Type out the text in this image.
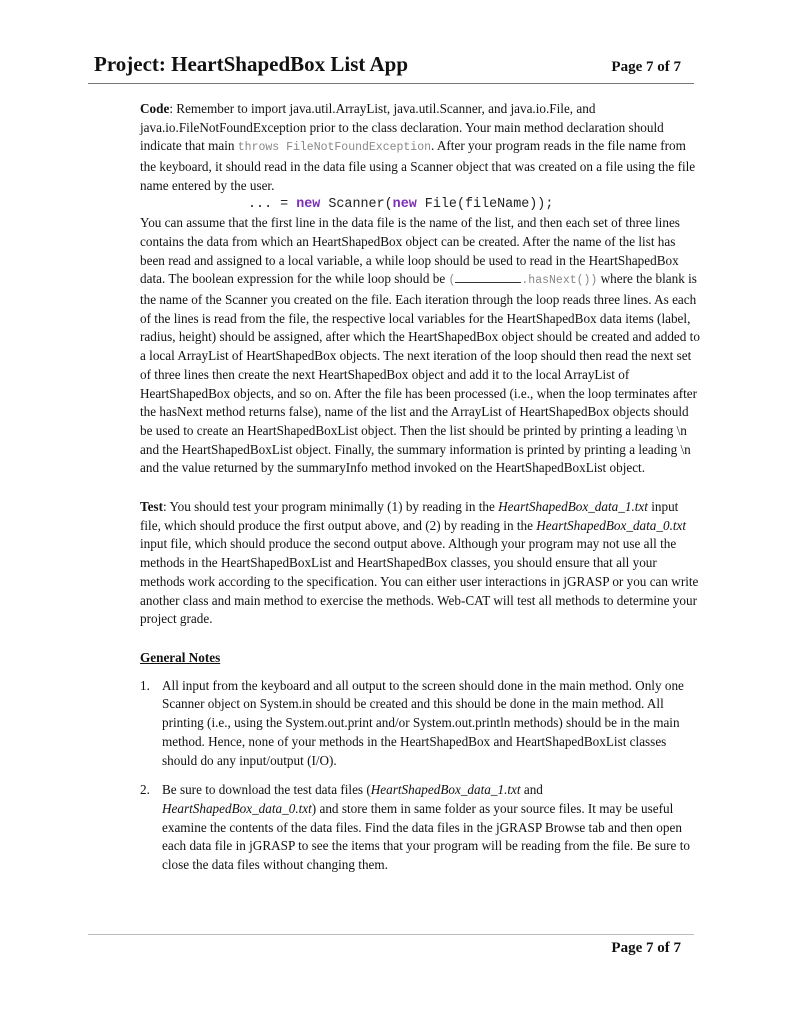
Project: HeartShapedBox List App	Page 7 of 7

Code: Remember to import java.util.ArrayList, java.util.Scanner, and java.io.File, and java.io.FileNotFoundException prior to the class declaration. Your main method declaration should indicate that main throws FileNotFoundException. After your program reads in the file name from the keyboard, it should read in the data file using a Scanner object that was created on a file using the file name entered by the user.
... = new Scanner(new File(fileName));
You can assume that the first line in the data file is the name of the list, and then each set of three lines contains the data from which an HeartShapedBox object can be created. After the name of the list has been read and assigned to a local variable, a while loop should be used to read in the HeartShapedBox data. The boolean expression for the while loop should be (	.hasNext()) where the blank is the name of the Scanner you created on the file. Each iteration through the loop reads three lines. As each of the lines is read from the file, the respective local variables for the HeartShapedBox data items (label, radius, height) should be assigned, after which the HeartShapedBox object should be created and added to a local ArrayList of HeartShapedBox objects. The next iteration of the loop should then read the next set of three lines then create the next HeartShapedBox object and add it to the local ArrayList of HeartShapedBox objects, and so on. After the file has been processed (i.e., when the loop terminates after the hasNext method returns false), name of the list and the ArrayList of HeartShapedBox objects should be used to create an HeartShapedBoxList object. Then the list should be printed by printing a leading \n and the HeartShapedBoxList object. Finally, the summary information is printed by printing a leading \n and the value returned by the summaryInfo method invoked on the HeartShapedBoxList object.

Test: You should test your program minimally (1) by reading in the HeartShapedBox_data_1.txt input file, which should produce the first output above, and (2) by reading in the HeartShapedBox_data_0.txt input file, which should produce the second output above. Although your program may not use all the methods in the HeartShapedBoxList and HeartShapedBox classes, you should ensure that all your methods work according to the specification. You can either user interactions in jGRASP or you can write another class and main method to exercise the methods. Web-CAT will test all methods to determine your project grade.

General Notes

1. All input from the keyboard and all output to the screen should done in the main method. Only one Scanner object on System.in should be created and this should be done in the main method. All printing (i.e., using the System.out.print and/or System.out.println methods) should be in the main method. Hence, none of your methods in the HeartShapedBox and HeartShapedBoxList classes should do any input/output (I/O).
2. Be sure to download the test data files (HeartShapedBox_data_1.txt and HeartShapedBox_data_0.txt) and store them in same folder as your source files. It may be useful examine the contents of the data files. Find the data files in the jGRASP Browse tab and then open each data file in jGRASP to see the items that your program will be reading from the file. Be sure to close the data files without changing them.
Page 7 of 7
